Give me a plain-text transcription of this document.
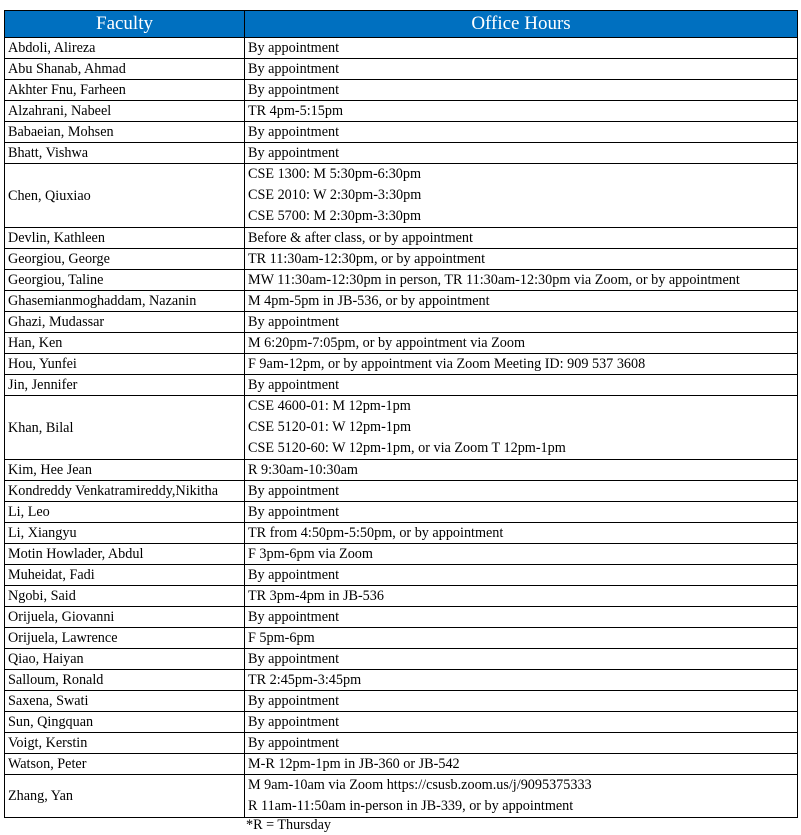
Faculty	Office Hours
Abdoli, Alireza	By appointment
Abu Shanab, Ahmad	By appointment
Akhter Fnu, Farheen	By appointment
Alzahrani, Nabeel	TR 4pm-5:15pm
Babaeian, Mohsen	By appointment
Bhatt, Vishwa	By appointment
Chen, Qiuxiao	CSE 1300: M 5:30pm-6:30pm
CSE 2010: W 2:30pm-3:30pm
CSE 5700: M 2:30pm-3:30pm

Devlin, Kathleen	Before & after class, or by appointment
Georgiou, George	TR 11:30am-12:30pm, or by appointment
Georgiou, Taline	MW 11:30am-12:30pm in person, TR 11:30am-12:30pm via Zoom, or by appointment
Ghasemianmoghaddam, Nazanin	M 4pm-5pm in JB-536, or by appointment
Ghazi, Mudassar	By appointment
Han, Ken	M 6:20pm-7:05pm, or by appointment via Zoom
Hou, Yunfei	F 9am-12pm, or by appointment via Zoom Meeting ID: 909 537 3608
Jin, Jennifer	By appointment
Khan, Bilal	CSE 4600-01: M 12pm-1pm
CSE 5120-01: W 12pm-1pm
CSE 5120-60: W 12pm-1pm, or via Zoom T 12pm-1pm

Kim, Hee Jean	R 9:30am-10:30am
Kondreddy Venkatramireddy,Nikitha	By appointment
Li, Leo	By appointment
Li, Xiangyu	TR from 4:50pm-5:50pm, or by appointment
Motin Howlader, Abdul	F 3pm-6pm via Zoom
Muheidat, Fadi	By appointment
Ngobi, Said	TR 3pm-4pm in JB-536
Orijuela, Giovanni	By appointment
Orijuela, Lawrence	F 5pm-6pm
Qiao, Haiyan	By appointment
Salloum, Ronald	TR 2:45pm-3:45pm
Saxena, Swati	By appointment
Sun, Qingquan	By appointment
Voigt, Kerstin	By appointment
Watson, Peter	M-R 12pm-1pm in JB-360 or JB-542
Zhang, Yan	M 9am-10am via Zoom https://csusb.zoom.us/j/9095375333
R 11am-11:50am in-person in JB-339, or by appointment
*R = Thursday
